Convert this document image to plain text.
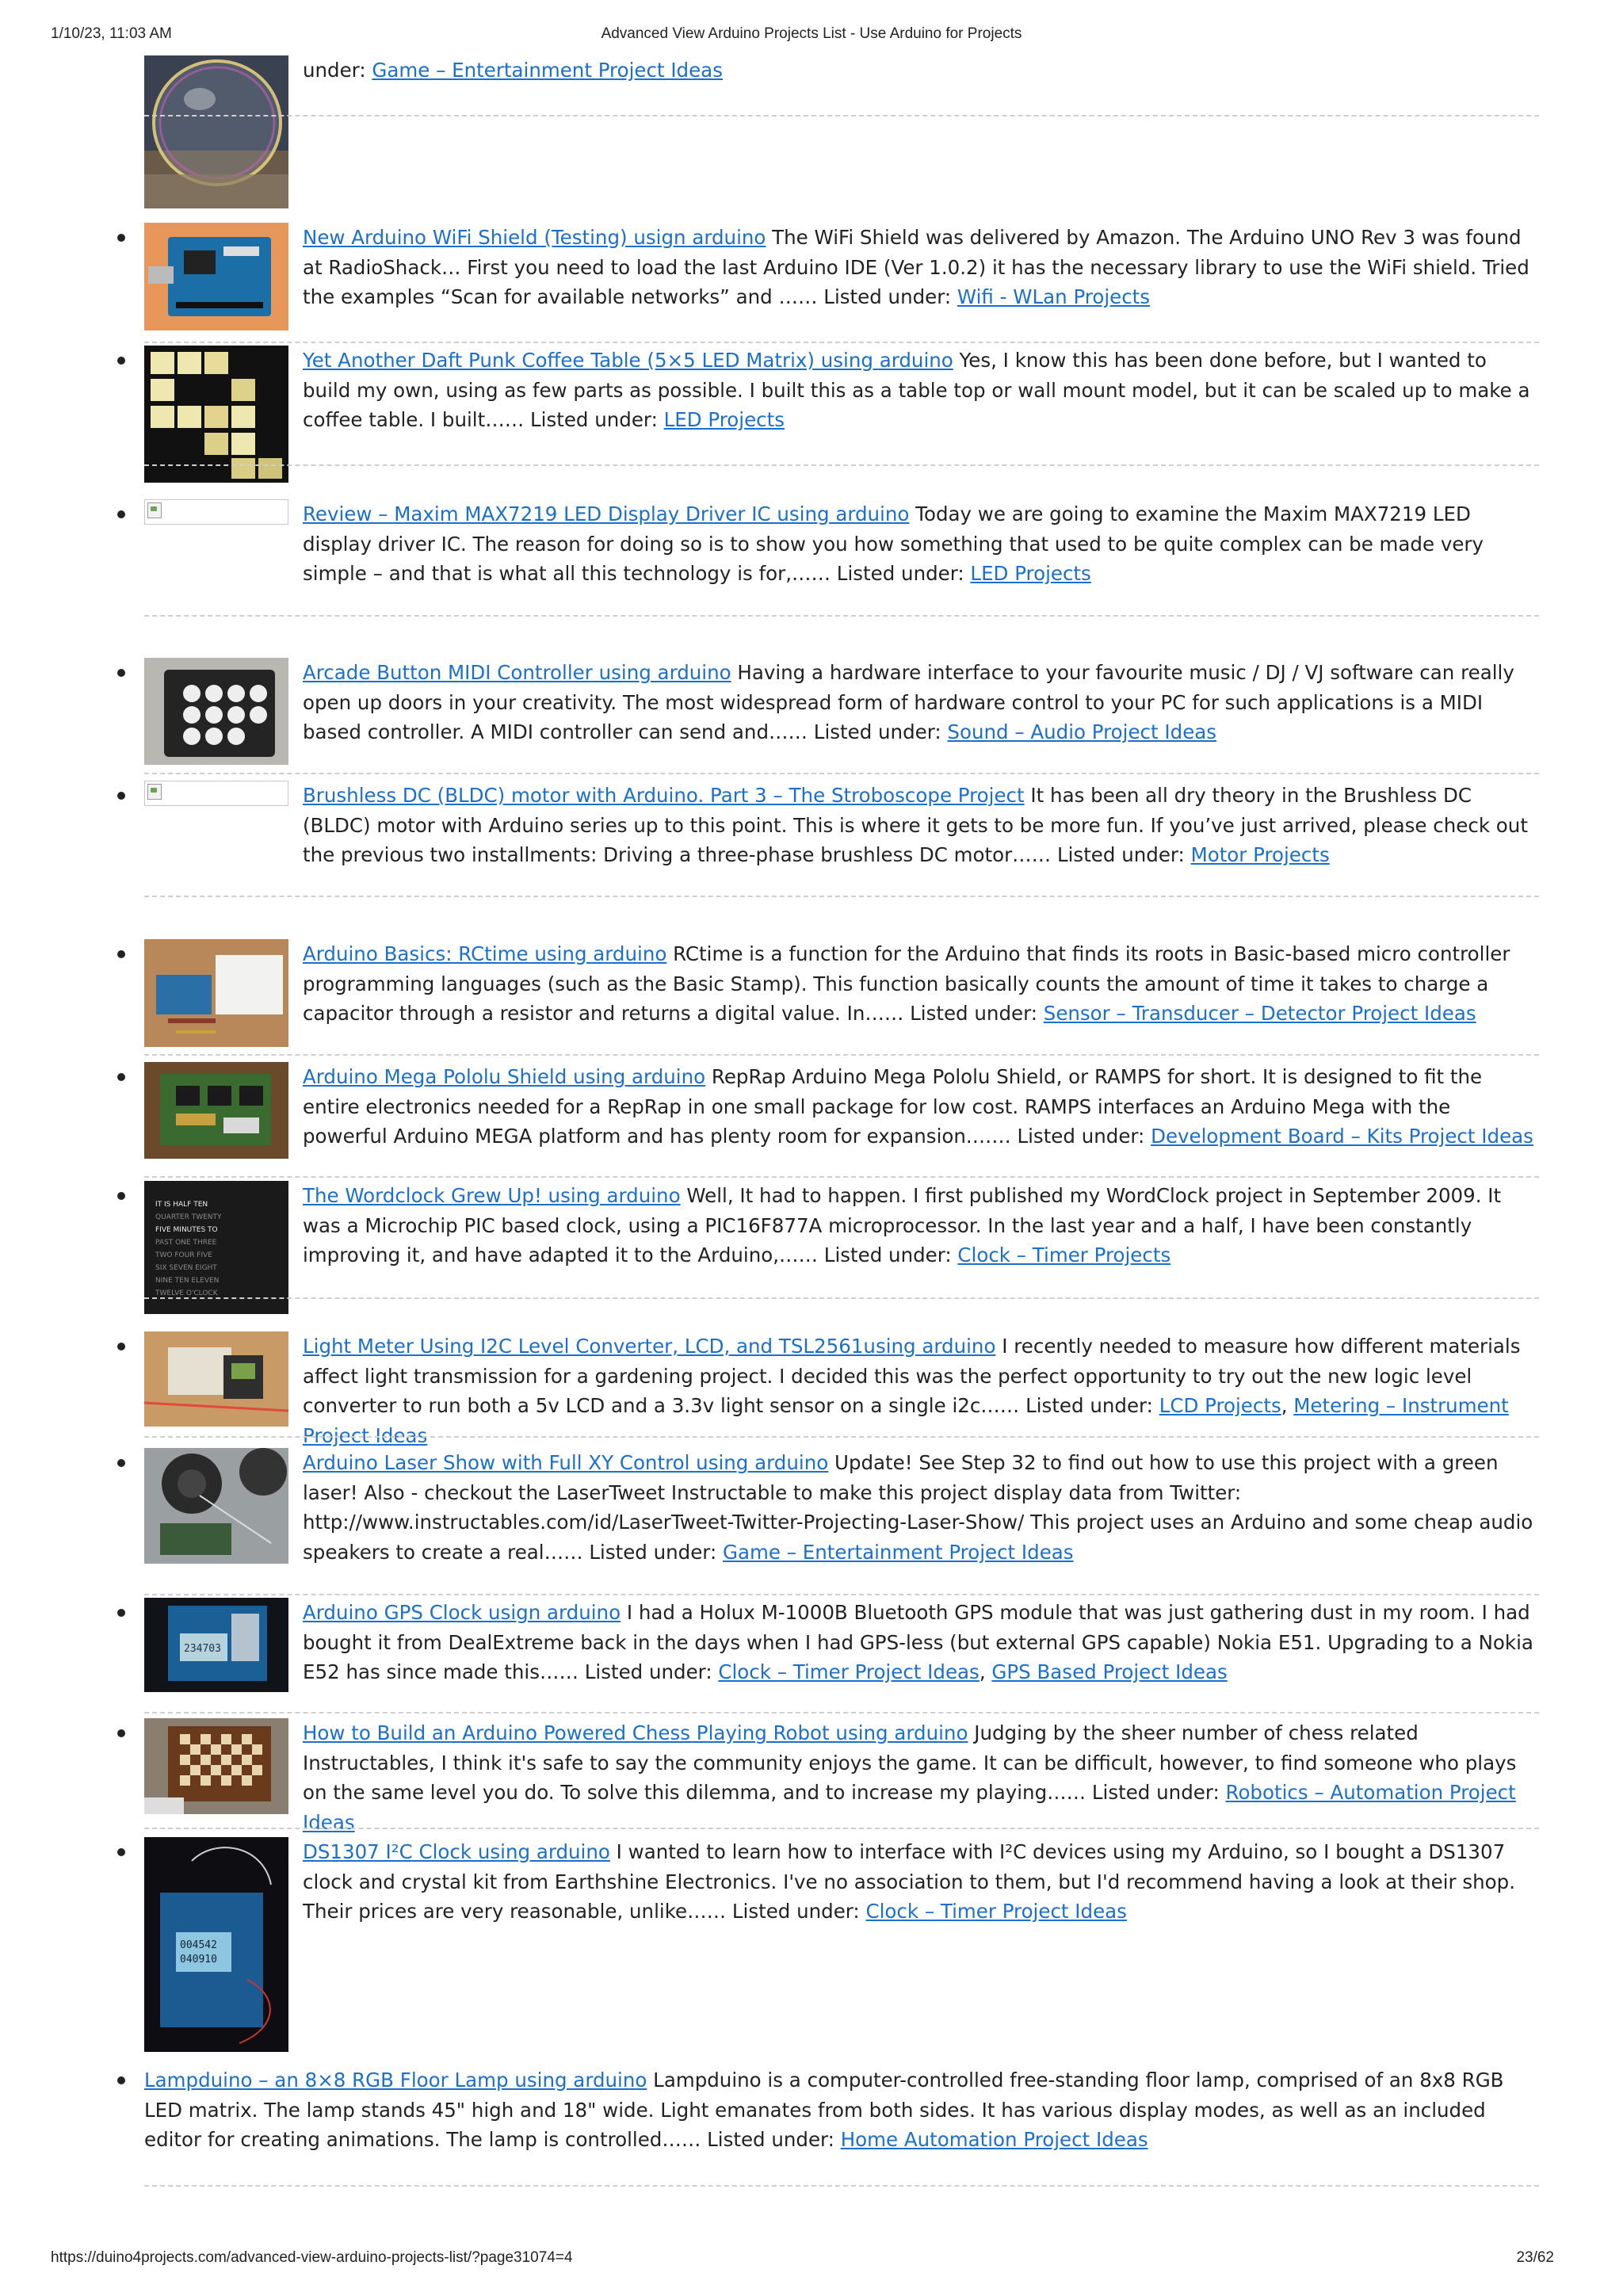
1/10/23, 11:03 AM	Advanced View Arduino Projects List - Use Arduino for Projects
under: Game – Entertainment Project Ideas
New Arduino WiFi Shield (Testing) usign arduino The WiFi Shield was delivered by Amazon. The Arduino UNO Rev 3 was found at RadioShack… First you need to load the last Arduino IDE (Ver 1.0.2) it has the necessary library to use the WiFi shield. Tried the examples “Scan for available networks” and …… Listed under: Wifi - WLan Projects
Yet Another Daft Punk Coffee Table (5×5 LED Matrix) using arduino Yes, I know this has been done before, but I wanted to build my own, using as few parts as possible. I built this as a table top or wall mount model, but it can be scaled up to make a coffee table. I built…… Listed under: LED Projects
Review – Maxim MAX7219 LED Display Driver IC using arduino Today we are going to examine the Maxim MAX7219 LED display driver IC. The reason for doing so is to show you how something that used to be quite complex can be made very simple – and that is what all this technology is for,…… Listed under: LED Projects
Arcade Button MIDI Controller using arduino Having a hardware interface to your favourite music / DJ / VJ software can really open up doors in your creativity. The most widespread form of hardware control to your PC for such applications is a MIDI based controller. A MIDI controller can send and…… Listed under: Sound – Audio Project Ideas
Brushless DC (BLDC) motor with Arduino. Part 3 – The Stroboscope Project It has been all dry theory in the Brushless DC (BLDC) motor with Arduino series up to this point. This is where it gets to be more fun. If you’ve just arrived, please check out the previous two installments: Driving a three-phase brushless DC motor…… Listed under: Motor Projects
Arduino Basics: RCtime using arduino RCtime is a function for the Arduino that finds its roots in Basic-based micro controller programming languages (such as the Basic Stamp). This function basically counts the amount of time it takes to charge a capacitor through a resistor and returns a digital value. In…… Listed under: Sensor – Transducer – Detector Project Ideas
Arduino Mega Pololu Shield using arduino RepRap Arduino Mega Pololu Shield, or RAMPS for short. It is designed to fit the entire electronics needed for a RepRap in one small package for low cost. RAMPS interfaces an Arduino Mega with the powerful Arduino MEGA platform and has plenty room for expansion.…… Listed under: Development Board – Kits Project Ideas
IT IS HALF TEN
QUARTER TWENTY
FIVE MINUTES TO
PAST ONE THREE
TWO FOUR FIVE
SIX SEVEN EIGHT
NINE TEN ELEVEN
TWELVE O'CLOCK
The Wordclock Grew Up! using arduino Well, It had to happen. I first published my WordClock project in September 2009. It was a Microchip PIC based clock, using a PIC16F877A microprocessor. In the last year and a half, I have been constantly improving it, and have adapted it to the Arduino,…… Listed under: Clock – Timer Projects
Light Meter Using I2C Level Converter, LCD, and TSL2561using arduino I recently needed to measure how different materials affect light transmission for a gardening project. I decided this was the perfect opportunity to try out the new logic level converter to run both a 5v LCD and a 3.3v light sensor on a single i2c…… Listed under: LCD Projects, Metering – Instrument Project Ideas
Arduino Laser Show with Full XY Control using arduino Update! See Step 32 to find out how to use this project with a green laser! Also - checkout the LaserTweet Instructable to make this project display data from Twitter: http://www.instructables.com/id/LaserTweet-Twitter-Projecting-Laser-Show/ This project uses an Arduino and some cheap audio speakers to create a real…… Listed under: Game – Entertainment Project Ideas
234703
Arduino GPS Clock usign arduino I had a Holux M-1000B Bluetooth GPS module that was just gathering dust in my room. I had bought it from DealExtreme back in the days when I had GPS-less (but external GPS capable) Nokia E51. Upgrading to a Nokia E52 has since made this…… Listed under: Clock – Timer Project Ideas, GPS Based Project Ideas
How to Build an Arduino Powered Chess Playing Robot using arduino Judging by the sheer number of chess related Instructables, I think it's safe to say the community enjoys the game. It can be difficult, however, to find someone who plays on the same level you do. To solve this dilemma, and to increase my playing…… Listed under: Robotics – Automation Project Ideas
004542
040910
DS1307 I²C Clock using arduino I wanted to learn how to interface with I²C devices using my Arduino, so I bought a DS1307 clock and crystal kit from Earthshine Electronics. I've no association to them, but I'd recommend having a look at their shop. Their prices are very reasonable, unlike…… Listed under: Clock – Timer Project Ideas
Lampduino – an 8×8 RGB Floor Lamp using arduino Lampduino is a computer-controlled free-standing floor lamp, comprised of an 8x8 RGB LED matrix. The lamp stands 45" high and 18" wide. Light emanates from both sides. It has various display modes, as well as an included editor for creating animations. The lamp is controlled…… Listed under: Home Automation Project Ideas
https://duino4projects.com/advanced-view-arduino-projects-list/?page31074=4	23/62
